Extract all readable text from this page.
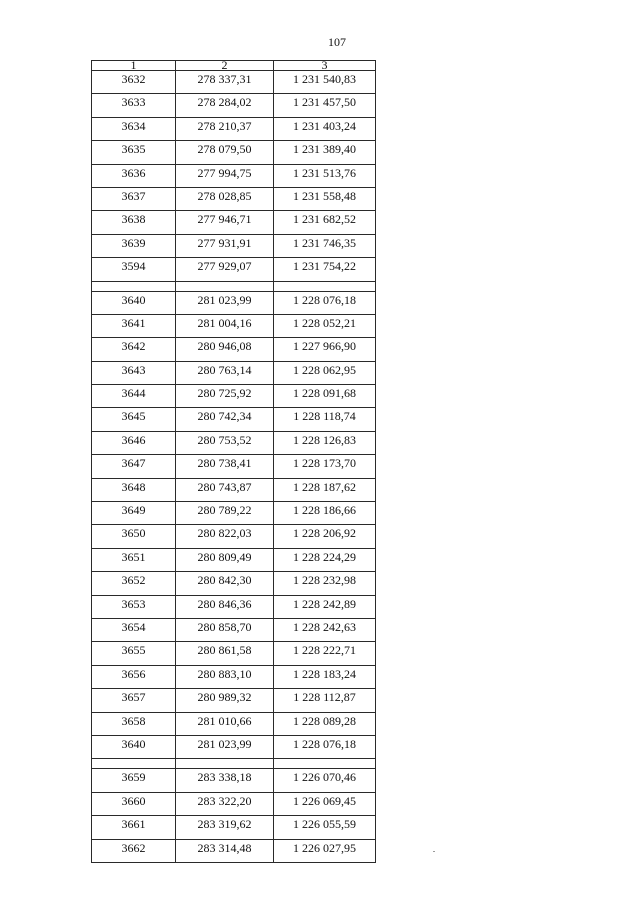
107
1	2	3
3632	278 337,31	1 231 540,83
3633	278 284,02	1 231 457,50
3634	278 210,37	1 231 403,24
3635	278 079,50	1 231 389,40
3636	277 994,75	1 231 513,76
3637	278 028,85	1 231 558,48
3638	277 946,71	1 231 682,52
3639	277 931,91	1 231 746,35
3594	277 929,07	1 231 754,22

3640	281 023,99	1 228 076,18
3641	281 004,16	1 228 052,21
3642	280 946,08	1 227 966,90
3643	280 763,14	1 228 062,95
3644	280 725,92	1 228 091,68
3645	280 742,34	1 228 118,74
3646	280 753,52	1 228 126,83
3647	280 738,41	1 228 173,70
3648	280 743,87	1 228 187,62
3649	280 789,22	1 228 186,66
3650	280 822,03	1 228 206,92
3651	280 809,49	1 228 224,29
3652	280 842,30	1 228 232,98
3653	280 846,36	1 228 242,89
3654	280 858,70	1 228 242,63
3655	280 861,58	1 228 222,71
3656	280 883,10	1 228 183,24
3657	280 989,32	1 228 112,87
3658	281 010,66	1 228 089,28
3640	281 023,99	1 228 076,18

3659	283 338,18	1 226 070,46
3660	283 322,20	1 226 069,45
3661	283 319,62	1 226 055,59
3662	283 314,48	1 226 027,95
